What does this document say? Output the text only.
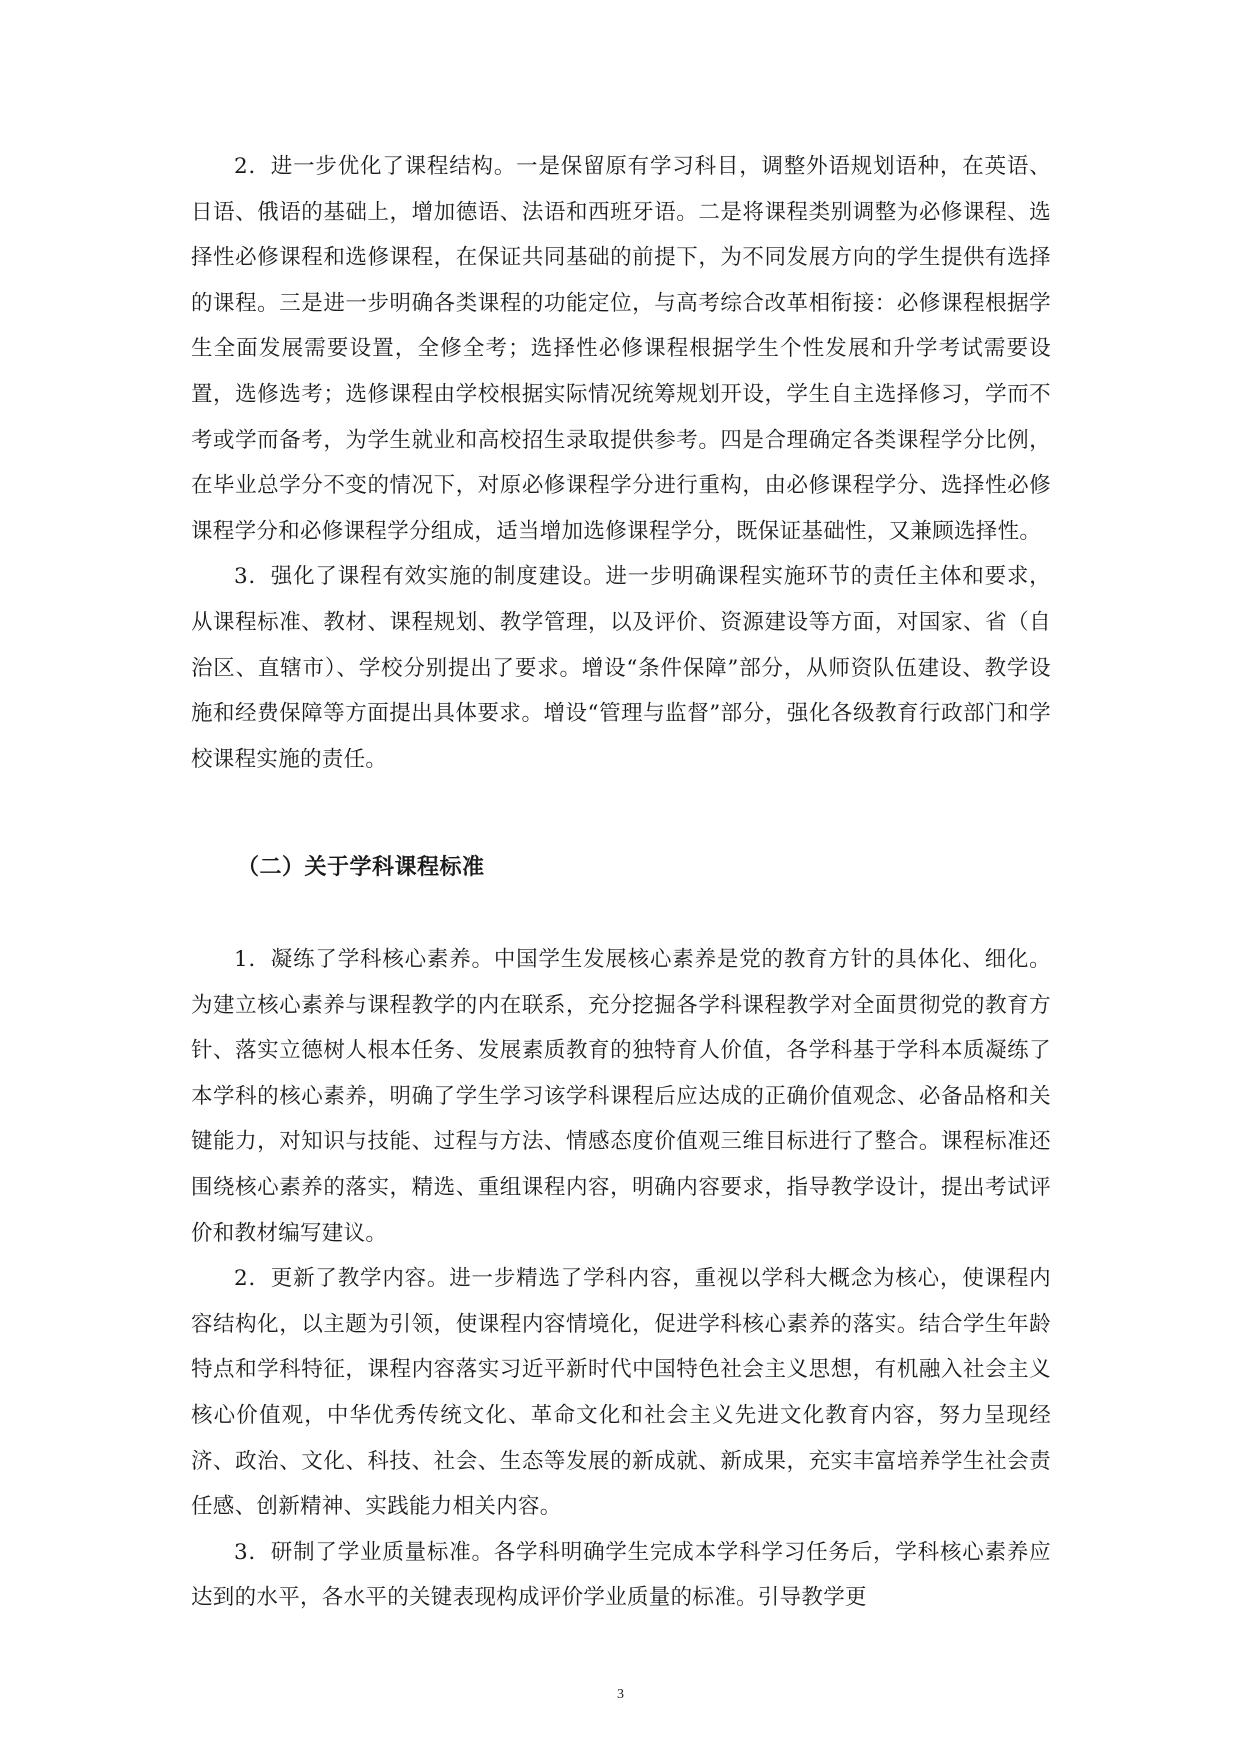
2．进一步优化了课程结构。一是保留原有学习科目，调整外语规划语种，在英语、日语、俄语的基础上，增加德语、法语和西班牙语。二是将课程类别调整为必修课程、选择性必修课程和选修课程，在保证共同基础的前提下，为不同发展方向的学生提供有选择的课程。三是进一步明确各类课程的功能定位，与高考综合改革相衔接：必修课程根据学生全面发展需要设置，全修全考；选择性必修课程根据学生个性发展和升学考试需要设置，选修选考；选修课程由学校根据实际情况统筹规划开设，学生自主选择修习，学而不考或学而备考，为学生就业和高校招生录取提供参考。四是合理确定各类课程学分比例，在毕业总学分不变的情况下，对原必修课程学分进行重构，由必修课程学分、选择性必修课程学分和必修课程学分组成，适当增加选修课程学分，既保证基础性，又兼顾选择性。

3．强化了课程有效实施的制度建设。进一步明确课程实施环节的责任主体和要求，从课程标准、教材、课程规划、教学管理，以及评价、资源建设等方面，对国家、省（自治区、直辖市）、学校分别提出了要求。增设“条件保障”部分，从师资队伍建设、教学设施和经费保障等方面提出具体要求。增设“管理与监督”部分，强化各级教育行政部门和学校课程实施的责任。

（二）关于学科课程标准

1．凝练了学科核心素养。中国学生发展核心素养是党的教育方针的具体化、细化。为建立核心素养与课程教学的内在联系，充分挖掘各学科课程教学对全面贯彻党的教育方针、落实立德树人根本任务、发展素质教育的独特育人价值，各学科基于学科本质凝练了本学科的核心素养，明确了学生学习该学科课程后应达成的正确价值观念、必备品格和关键能力，对知识与技能、过程与方法、情感态度价值观三维目标进行了整合。课程标准还围绕核心素养的落实，精选、重组课程内容，明确内容要求，指导教学设计，提出考试评价和教材编写建议。

2．更新了教学内容。进一步精选了学科内容，重视以学科大概念为核心，使课程内容结构化，以主题为引领，使课程内容情境化，促进学科核心素养的落实。结合学生年龄特点和学科特征，课程内容落实习近平新时代中国特色社会主义思想，有机融入社会主义核心价值观，中华优秀传统文化、革命文化和社会主义先进文化教育内容，努力呈现经济、政治、文化、科技、社会、生态等发展的新成就、新成果，充实丰富培养学生社会责任感、创新精神、实践能力相关内容。

3．研制了学业质量标准。各学科明确学生完成本学科学习任务后，学科核心素养应达到的水平，各水平的关键表现构成评价学业质量的标准。引导教学更

3
